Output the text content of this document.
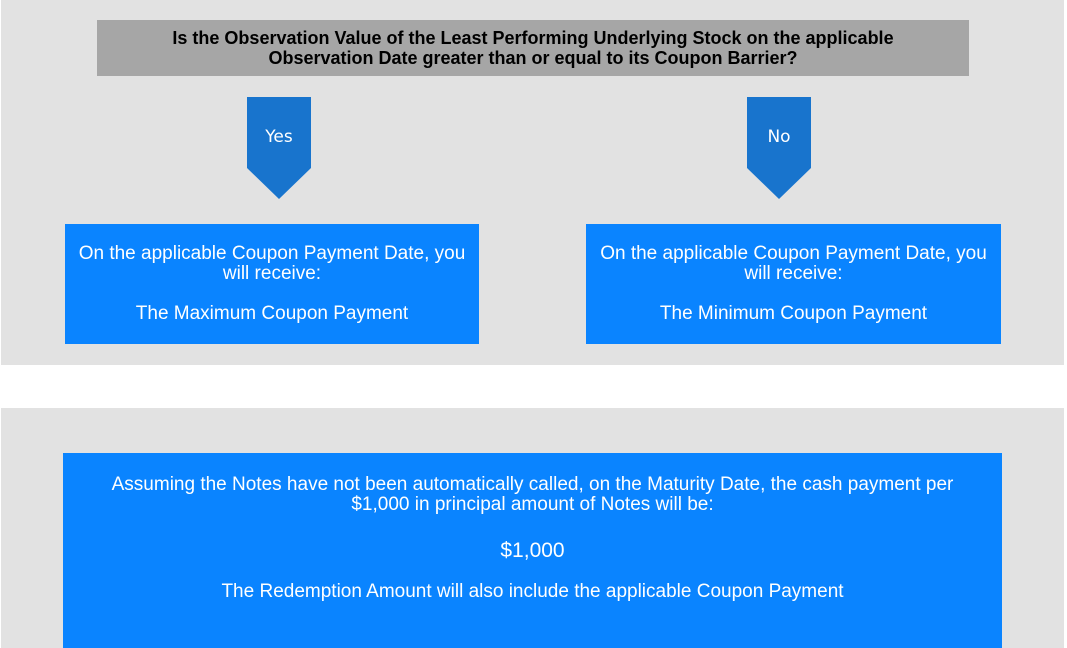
Is the Observation Value of the Least Performing Underlying Stock on the applicable
Observation Date greater than or equal to its Coupon Barrier?
Yes	No
On the applicable Coupon Payment Date, you
will receive:
The Maximum Coupon Payment
On the applicable Coupon Payment Date, you
will receive:
The Minimum Coupon Payment
Assuming the Notes have not been automatically called, on the Maturity Date, the cash payment per
$1,000 in principal amount of Notes will be:
$1,000
The Redemption Amount will also include the applicable Coupon Payment
